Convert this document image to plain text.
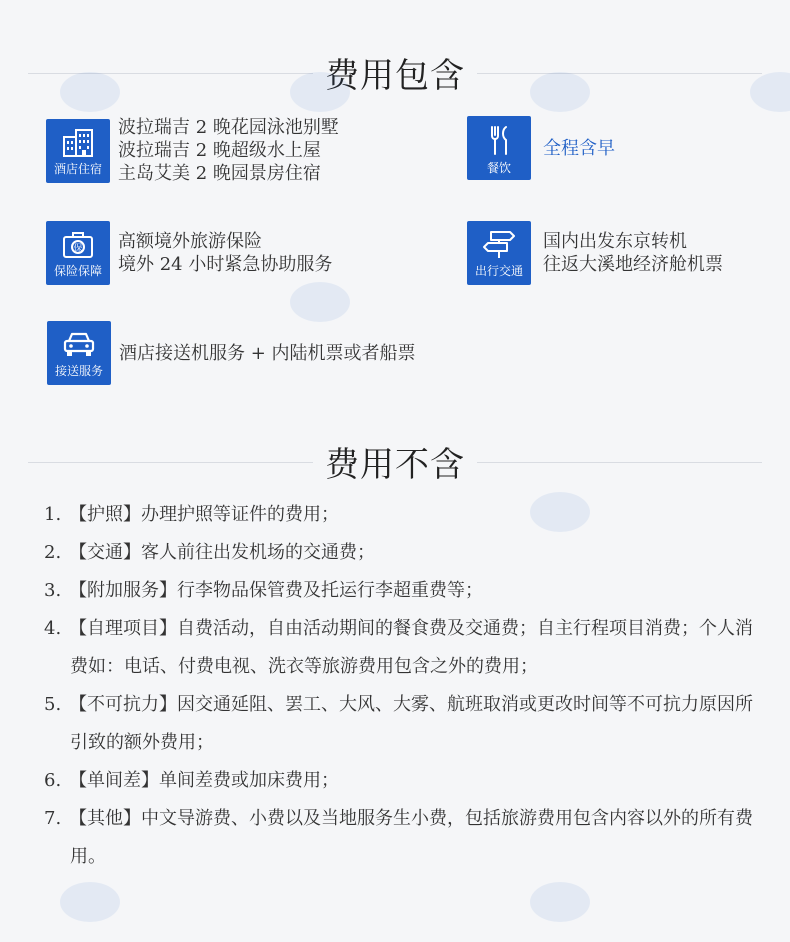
费用包含
酒店住宿
波拉瑞吉 2 晚花园泳池别墅
波拉瑞吉 2 晚超级水上屋
主岛艾美 2 晚园景房住宿	餐饮
全程含早
保
保险保障
高额境外旅游保险
境外 24 小时紧急协助服务	出行交通
国内出发东京转机
往返大溪地经济舱机票
接送服务
酒店接送机服务 + 内陆机票或者船票
费用不含
1. 【护照】办理护照等证件的费用；
2. 【交通】客人前往出发机场的交通费；
3. 【附加服务】行李物品保管费及托运行李超重费等；
4. 【自理项目】自费活动，自由活动期间的餐食费及交通费；自主行程项目消费；个人消费如：电话、付费电视、洗衣等旅游费用包含之外的费用；
5. 【不可抗力】因交通延阻、罢工、大风、大雾、航班取消或更改时间等不可抗力原因所引致的额外费用；
6. 【单间差】单间差费或加床费用；
7. 【其他】中文导游费、小费以及当地服务生小费，包括旅游费用包含内容以外的所有费用。
